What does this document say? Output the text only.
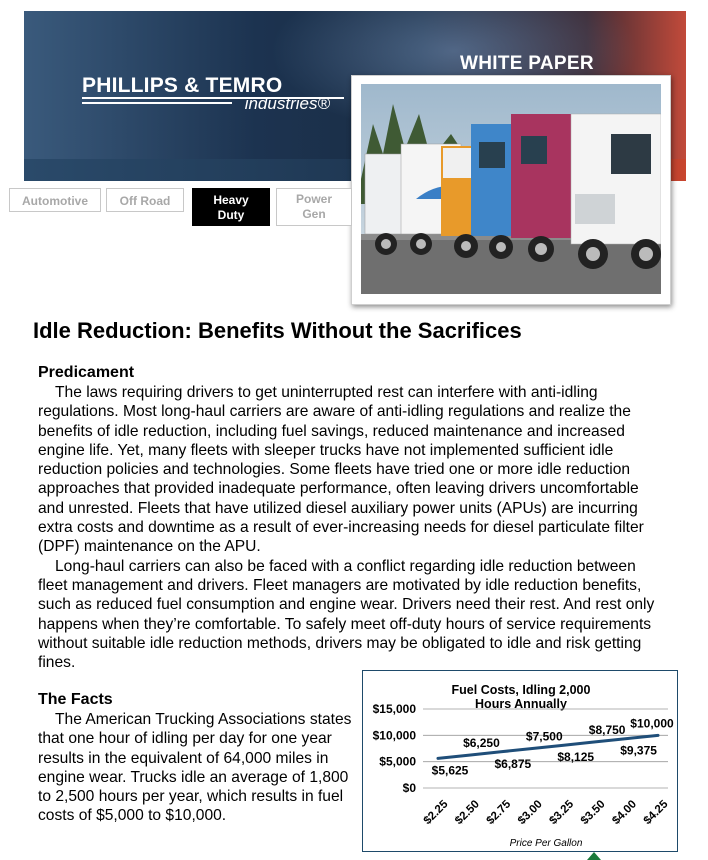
PHILLIPS & TEMRO
industries®
WHITE PAPER
Automotive	Off Road	Heavy
Duty
Power
Gen
Idle Reduction: Benefits Without the Sacrifices
Predicament

The laws requiring drivers to get uninterrupted rest can interfere with anti-idling regulations. Most long-haul carriers are aware of anti-idling regulations and realize the benefits of idle reduction, including fuel savings, reduced maintenance and increased engine life. Yet, many fleets with sleeper trucks have not implemented sufficient idle reduction policies and technologies. Some fleets have tried one or more idle reduction approaches that provided inadequate performance, often leaving drivers uncomfortable and unrested. Fleets that have utilized diesel auxiliary power units (APUs) are incurring extra costs and downtime as a result of ever-increasing needs for diesel particulate filter (DPF) maintenance on the APU.

Long-haul carriers can also be faced with a conflict regarding idle reduction between fleet management and drivers. Fleet managers are motivated by idle reduction benefits, such as reduced fuel consumption and engine wear. Drivers need their rest. And rest only happens when they’re comfortable. To safely meet off-duty hours of service requirements without suitable idle reduction methods, drivers may be obligated to idle and risk getting fines.

The Facts

The American Trucking Associations states that one hour of idling per day for one year results in the equivalent of 64,000 miles in engine wear. Trucks idle an average of 1,800 to 2,500 hours per year, which results in fuel costs of $5,000 to $10,000.

Fuel Costs, Idling 2,000 Hours Annually
$0
$5,000
$10,000
$15,000
$2.25 $2.50 $2.75 $3.00 $3.25 $3.50 $4.00 $4.25
Price Per Gallon
$5,625
$6,250
$6,875
$7,500
$8,125
$8,750
$9,375
$10,000
